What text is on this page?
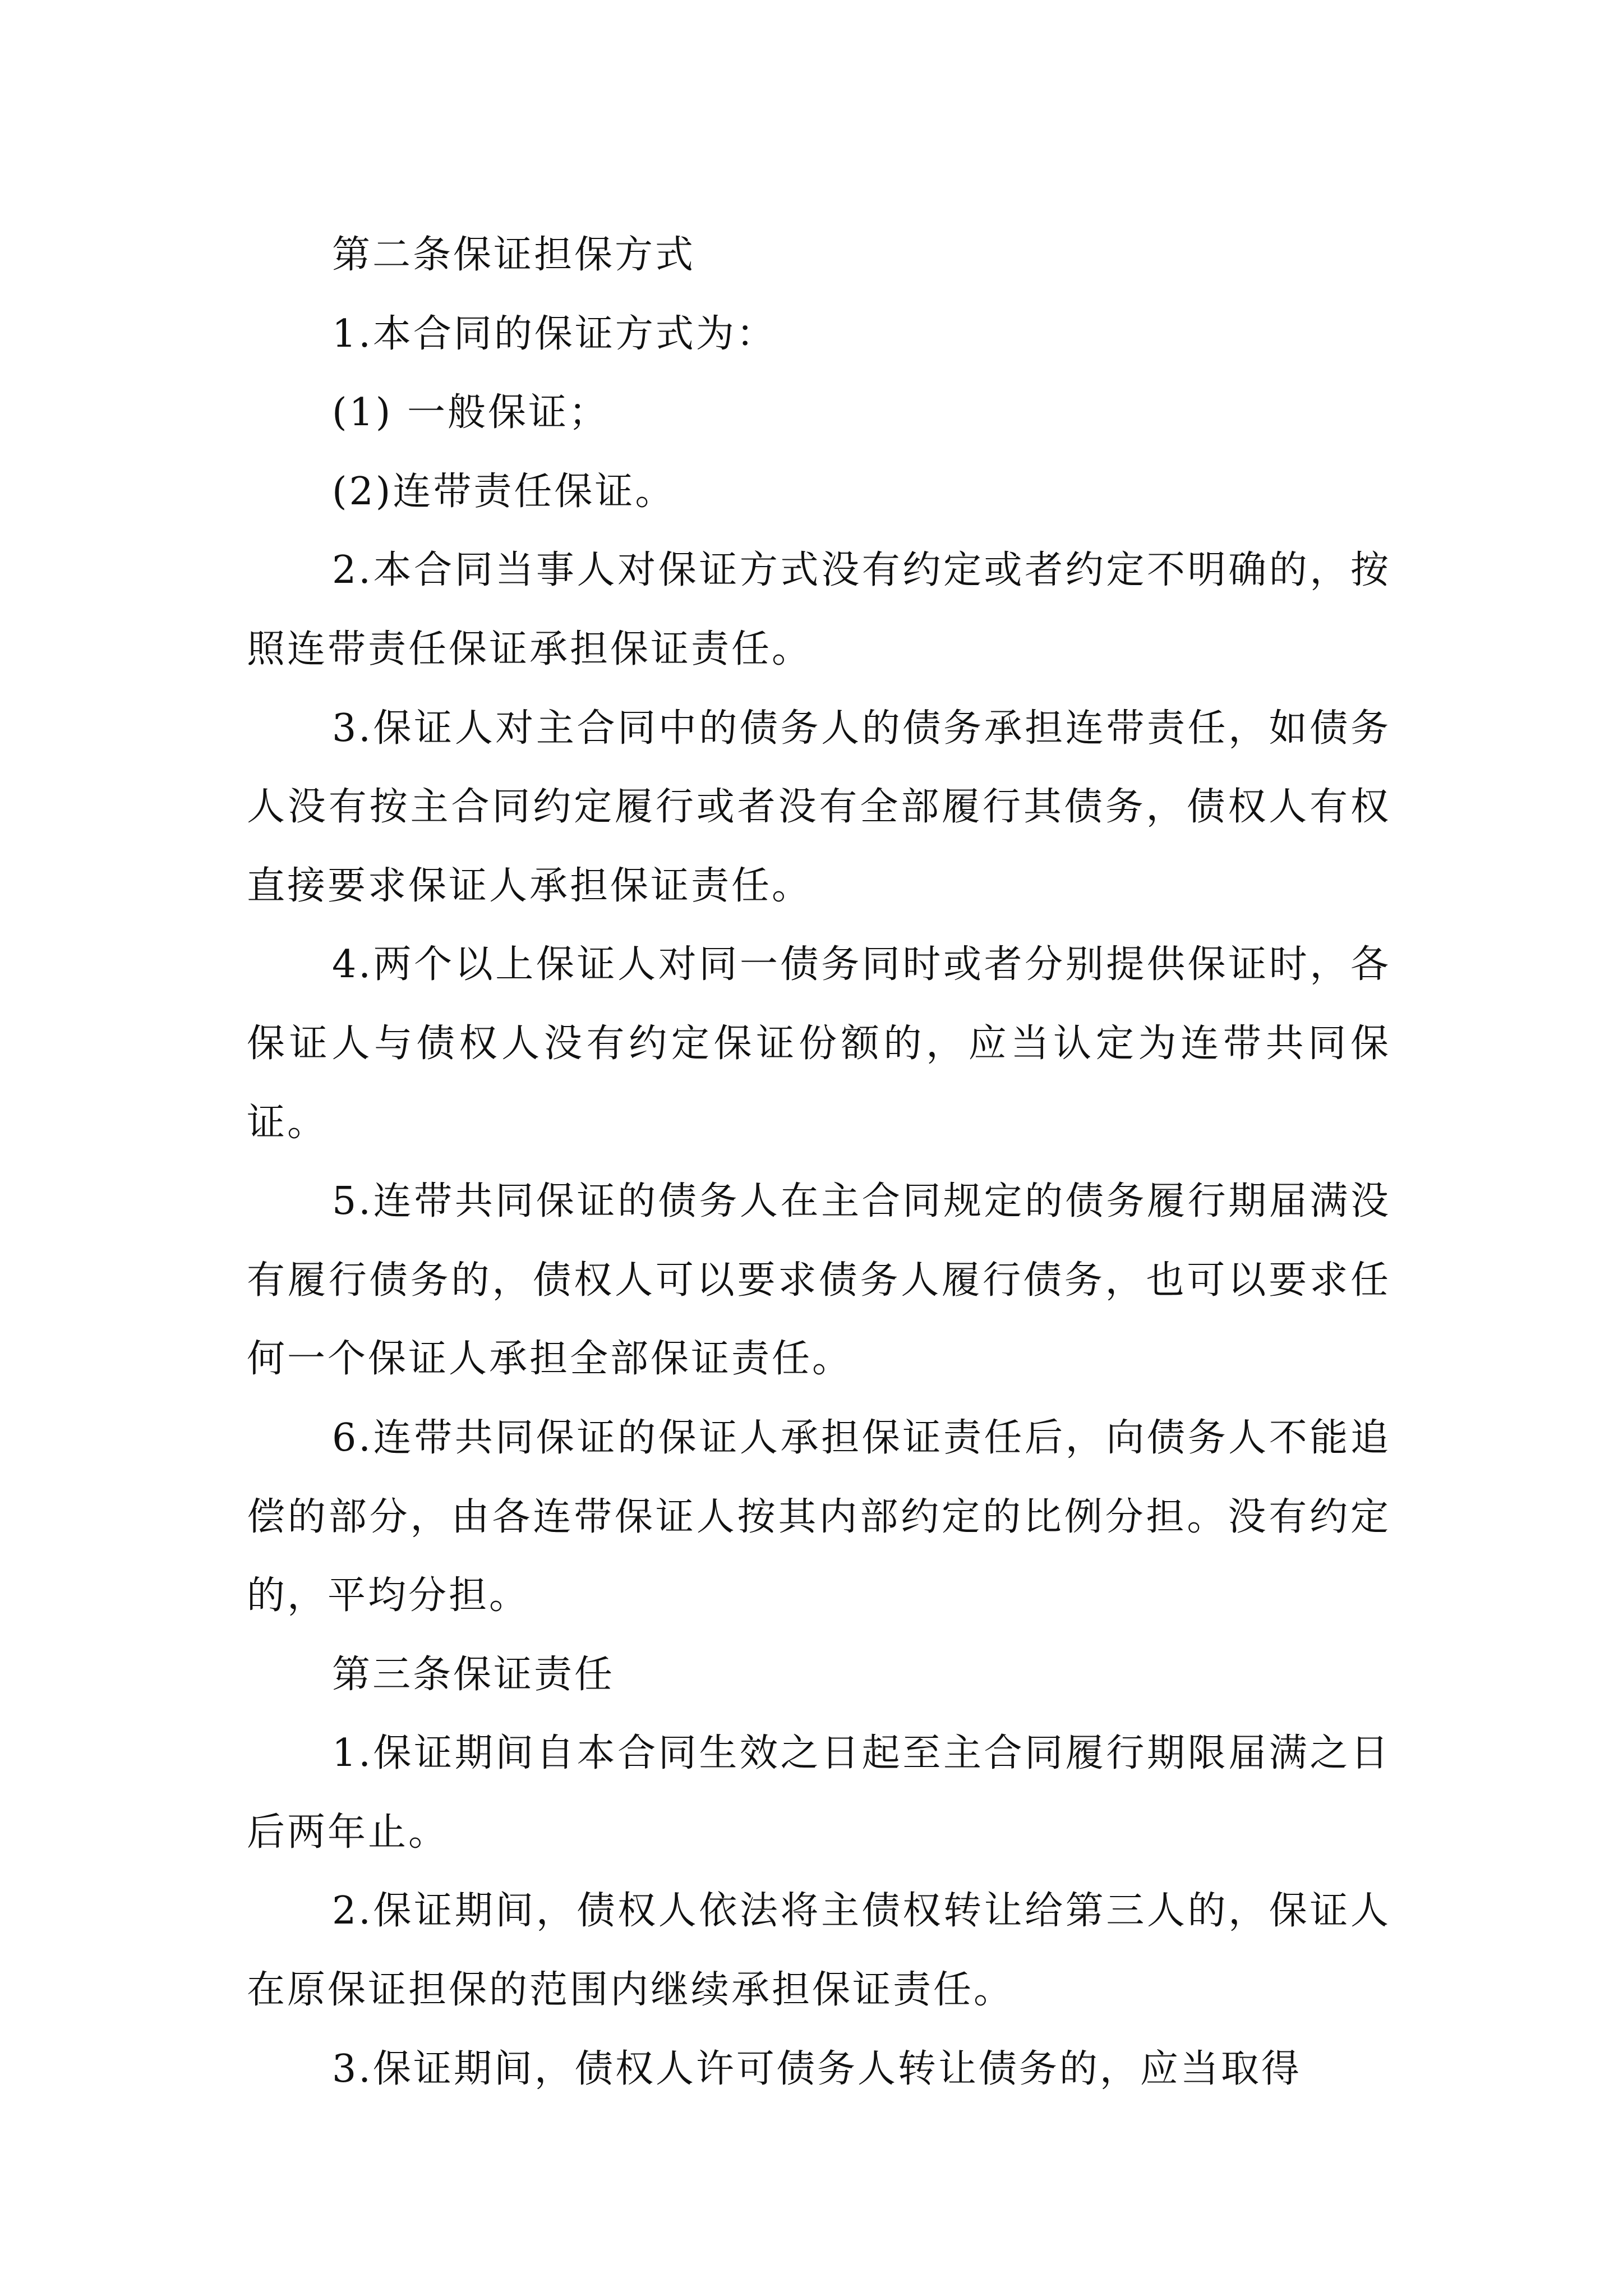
第二条保证担保方式

1.本合同的保证方式为：

(1) 一般保证；

(2)连带责任保证。

2.本合同当事人对保证方式没有约定或者约定不明确的，按照连带责任保证承担保证责任。

3.保证人对主合同中的债务人的债务承担连带责任，如债务人没有按主合同约定履行或者没有全部履行其债务，债权人有权直接要求保证人承担保证责任。

4.两个以上保证人对同一债务同时或者分别提供保证时，各保证人与债权人没有约定保证份额的，应当认定为连带共同保证。

5.连带共同保证的债务人在主合同规定的债务履行期届满没有履行债务的，债权人可以要求债务人履行债务，也可以要求任何一个保证人承担全部保证责任。

6.连带共同保证的保证人承担保证责任后，向债务人不能追偿的部分，由各连带保证人按其内部约定的比例分担。没有约定的，平均分担。

第三条保证责任

1.保证期间自本合同生效之日起至主合同履行期限届满之日后两年止。

2.保证期间，债权人依法将主债权转让给第三人的，保证人在原保证担保的范围内继续承担保证责任。

3.保证期间，债权人许可债务人转让债务的，应当取得
